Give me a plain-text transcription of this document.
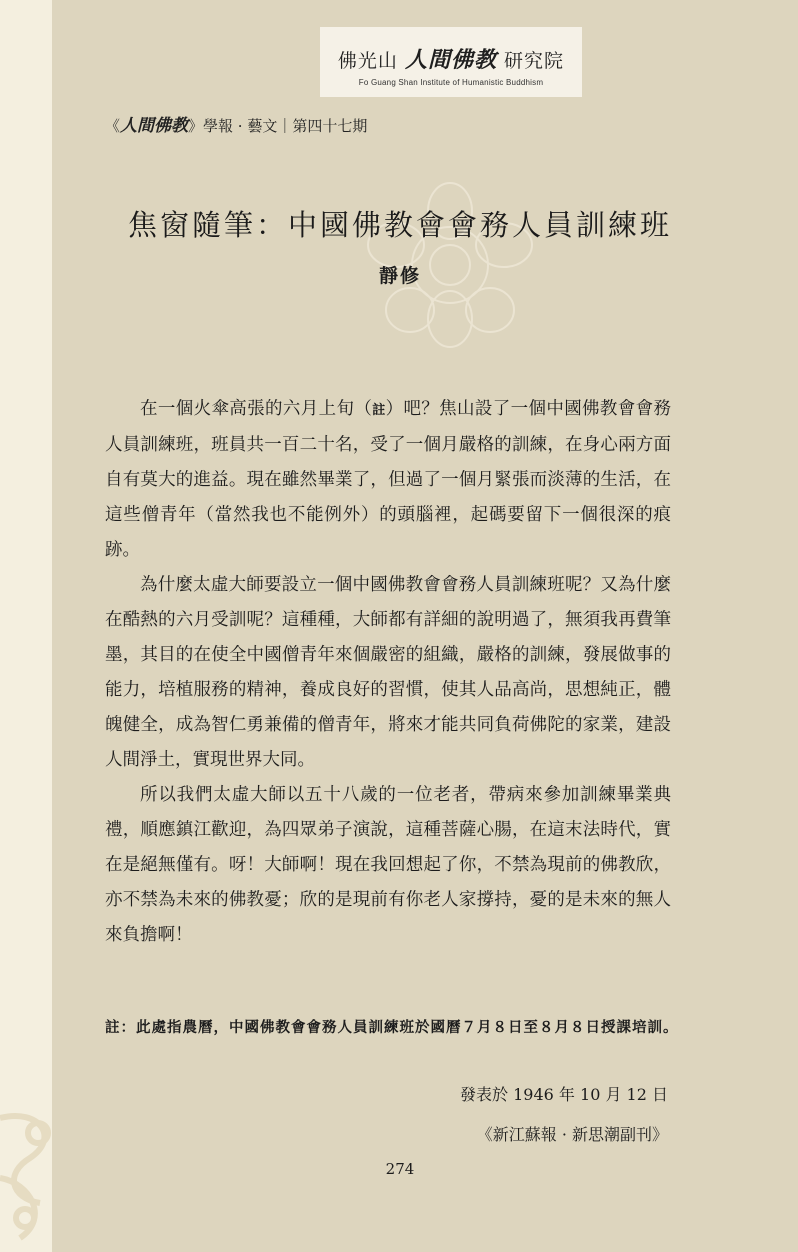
佛光山 人間佛教 研究院
Fo Guang Shan Institute of Humanistic Buddhism
《人間佛教》學報 · 藝文｜第四十七期
焦窗隨筆：中國佛教會會務人員訓練班
靜修

在一個火傘高張的六月上旬（註）吧？焦山設了一個中國佛教會會務人員訓練班，班員共一百二十名，受了一個月嚴格的訓練，在身心兩方面自有莫大的進益。現在雖然畢業了，但過了一個月緊張而淡薄的生活，在這些僧青年（當然我也不能例外）的頭腦裡，起碼要留下一個很深的痕跡。

為什麼太虛大師要設立一個中國佛教會會務人員訓練班呢？又為什麼在酷熱的六月受訓呢？這種種，大師都有詳細的說明過了，無須我再費筆墨，其目的在使全中國僧青年來個嚴密的組織，嚴格的訓練，發展做事的能力，培植服務的精神，養成良好的習慣，使其人品高尚，思想純正，體魄健全，成為智仁勇兼備的僧青年，將來才能共同負荷佛陀的家業，建設人間淨土，實現世界大同。

所以我們太虛大師以五十八歲的一位老者，帶病來參加訓練畢業典禮，順應鎮江歡迎，為四眾弟子演說，這種菩薩心腸，在這末法時代，實在是絕無僅有。呀！大師啊！現在我回想起了你，不禁為現前的佛教欣，亦不禁為未來的佛教憂；欣的是現前有你老人家撐持，憂的是未來的無人來負擔啊！

註：此處指農曆，中國佛教會會務人員訓練班於國曆７月８日至８月８日授課培訓。
發表於 1946 年 10 月 12 日
《新江蘇報 · 新思潮副刊》
274
